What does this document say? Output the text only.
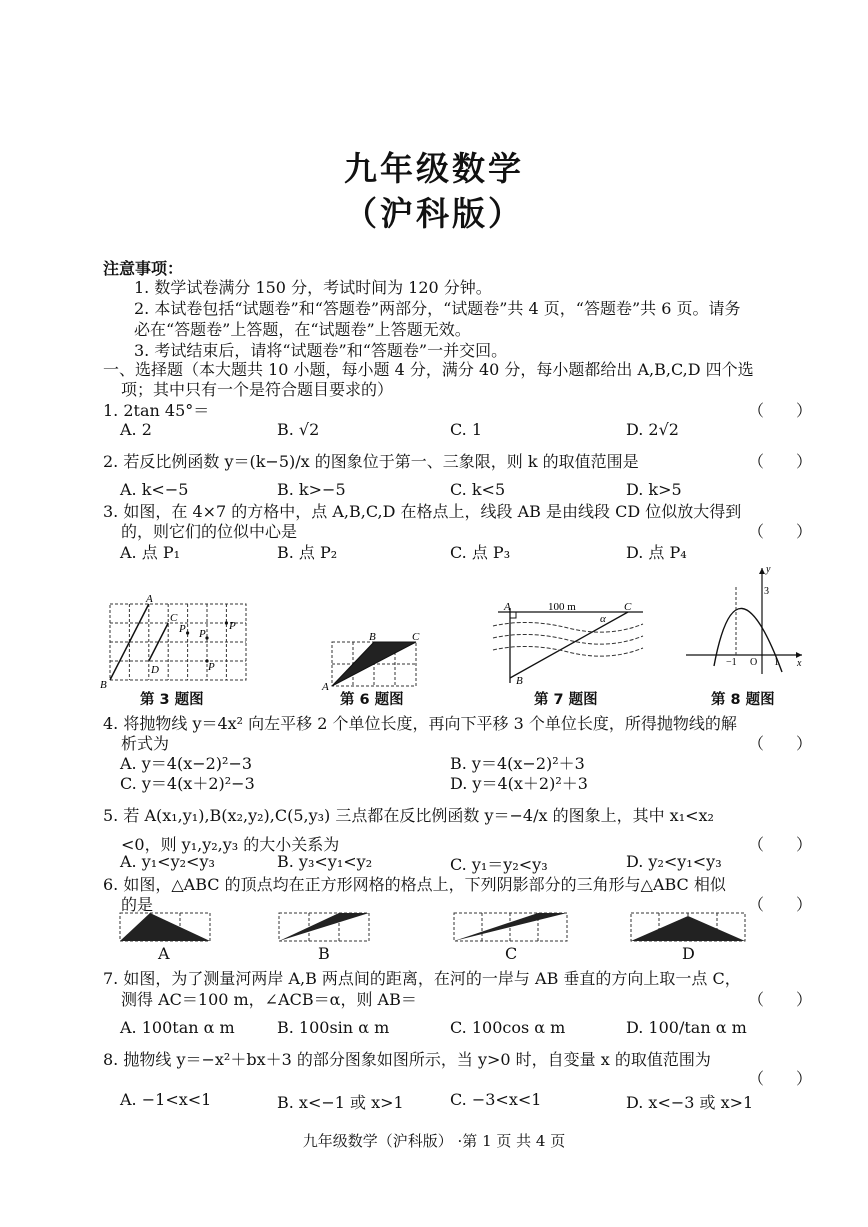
九年级数学
（沪科版）
注意事项：
1. 数学试卷满分 150 分，考试时间为 120 分钟。
2. 本试卷包括“试题卷”和“答题卷”两部分，“试题卷”共 4 页，“答题卷”共 6 页。请务
必在“答题卷”上答题，在“试题卷”上答题无效。
3. 考试结束后，请将“试题卷”和“答题卷”一并交回。
一、选择题（本大题共 10 小题，每小题 4 分，满分 40 分，每小题都给出 A,B,C,D 四个选
项；其中只有一个是符合题目要求的）
1. 2tan 45°＝	（　　）
A. 2	B. √2	C. 1	D. 2√2
2. 若反比例函数 y＝(k−5)/x 的图象位于第一、三象限，则 k 的取值范围是	（　　）
A. k<−5	B. k>−5	C. k<5	D. k>5
3. 如图，在 4×7 的方格中，点 A,B,C,D 在格点上，线段 AB 是由线段 CD 位似放大得到
的，则它们的位似中心是	（　　）
A. 点 P₁	B. 点 P₂	C. 点 P₃	D. 点 P₄
A
B
C
D
P P
P
P
A
B	C
A	C
B
α
100 m
y
x
3
O
−1	1
第 3 题图	第 6 题图	第 7 题图	第 8 题图
4. 将抛物线 y＝4x² 向左平移 2 个单位长度，再向下平移 3 个单位长度，所得抛物线的解
析式为	（　　）
A. y＝4(x−2)²−3	B. y＝4(x−2)²＋3
C. y＝4(x＋2)²−3	D. y＝4(x＋2)²＋3
5. 若 A(x₁,y₁),B(x₂,y₂),C(5,y₃) 三点都在反比例函数 y＝−4/x 的图象上，其中 x₁<x₂
<0，则 y₁,y₂,y₃ 的大小关系为	（　　）
A. y₁<y₂<y₃	B. y₃<y₁<y₂	C. y₁＝y₂<y₃	D. y₂<y₁<y₃
6. 如图，△ABC 的顶点均在正方形网格的格点上，下列阴影部分的三角形与△ABC 相似
的是	（　　）
A	B	C	D
7. 如图，为了测量河两岸 A,B 两点间的距离，在河的一岸与 AB 垂直的方向上取一点 C，
测得 AC＝100 m，∠ACB＝α，则 AB＝	（　　）
A. 100tan α m	B. 100sin α m	C. 100cos α m	D. 100/tan α m
8. 抛物线 y＝−x²＋bx＋3 的部分图象如图所示，当 y>0 时，自变量 x 的取值范围为
（　　）
A. −1<x<1	B. x<−1 或 x>1	C. −3<x<1	D. x<−3 或 x>1
九年级数学（沪科版） ·第 1 页 共 4 页
